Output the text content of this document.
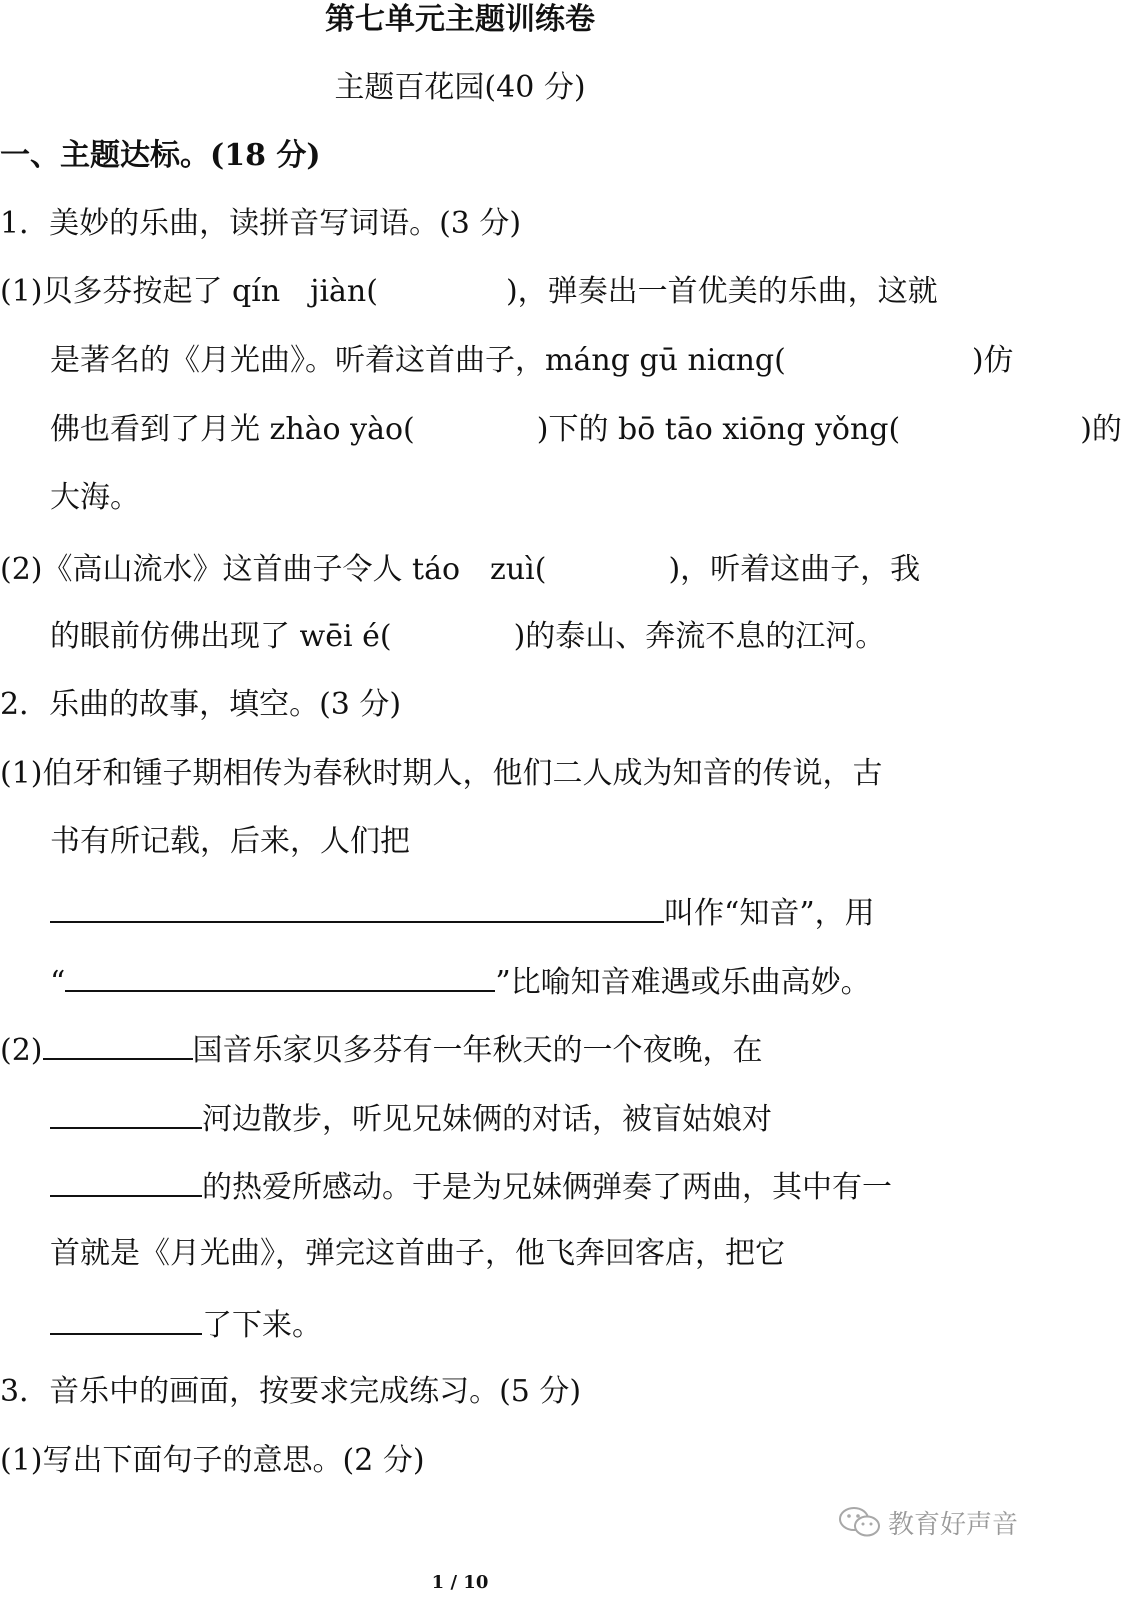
第七单元主题训练卷
主题百花园(40 分)
一、主题达标。(18 分)
1．美妙的乐曲，读拼音写词语。(3 分)
(1)贝多芬按起了 qín　jiàn(	)，弹奏出一首优美的乐曲，这就
是著名的《月光曲》。听着这首曲子，máng gū niɑng(	)仿
佛也看到了月光 zhào yào(	)下的 bō tāo xiōng yǒng(	)的
大海。
(2)《高山流水》这首曲子令人 táo　zuì(	)，听着这曲子，我
的眼前仿佛出现了 wēi é(	)的泰山、奔流不息的江河。
2．乐曲的故事，填空。(3 分)
(1)伯牙和锺子期相传为春秋时期人，他们二人成为知音的传说，古
书有所记载，后来，人们把
叫作“知音”，用
“	”比喻知音难遇或乐曲高妙。
(2)	国音乐家贝多芬有一年秋天的一个夜晚，在
河边散步，听见兄妹俩的对话，被盲姑娘对
的热爱所感动。于是为兄妹俩弹奏了两曲，其中有一
首就是《月光曲》，弹完这首曲子，他飞奔回客店，把它
了下来。
3．音乐中的画面，按要求完成练习。(5 分)
(1)写出下面句子的意思。(2 分)
教育好声音
1 / 10
